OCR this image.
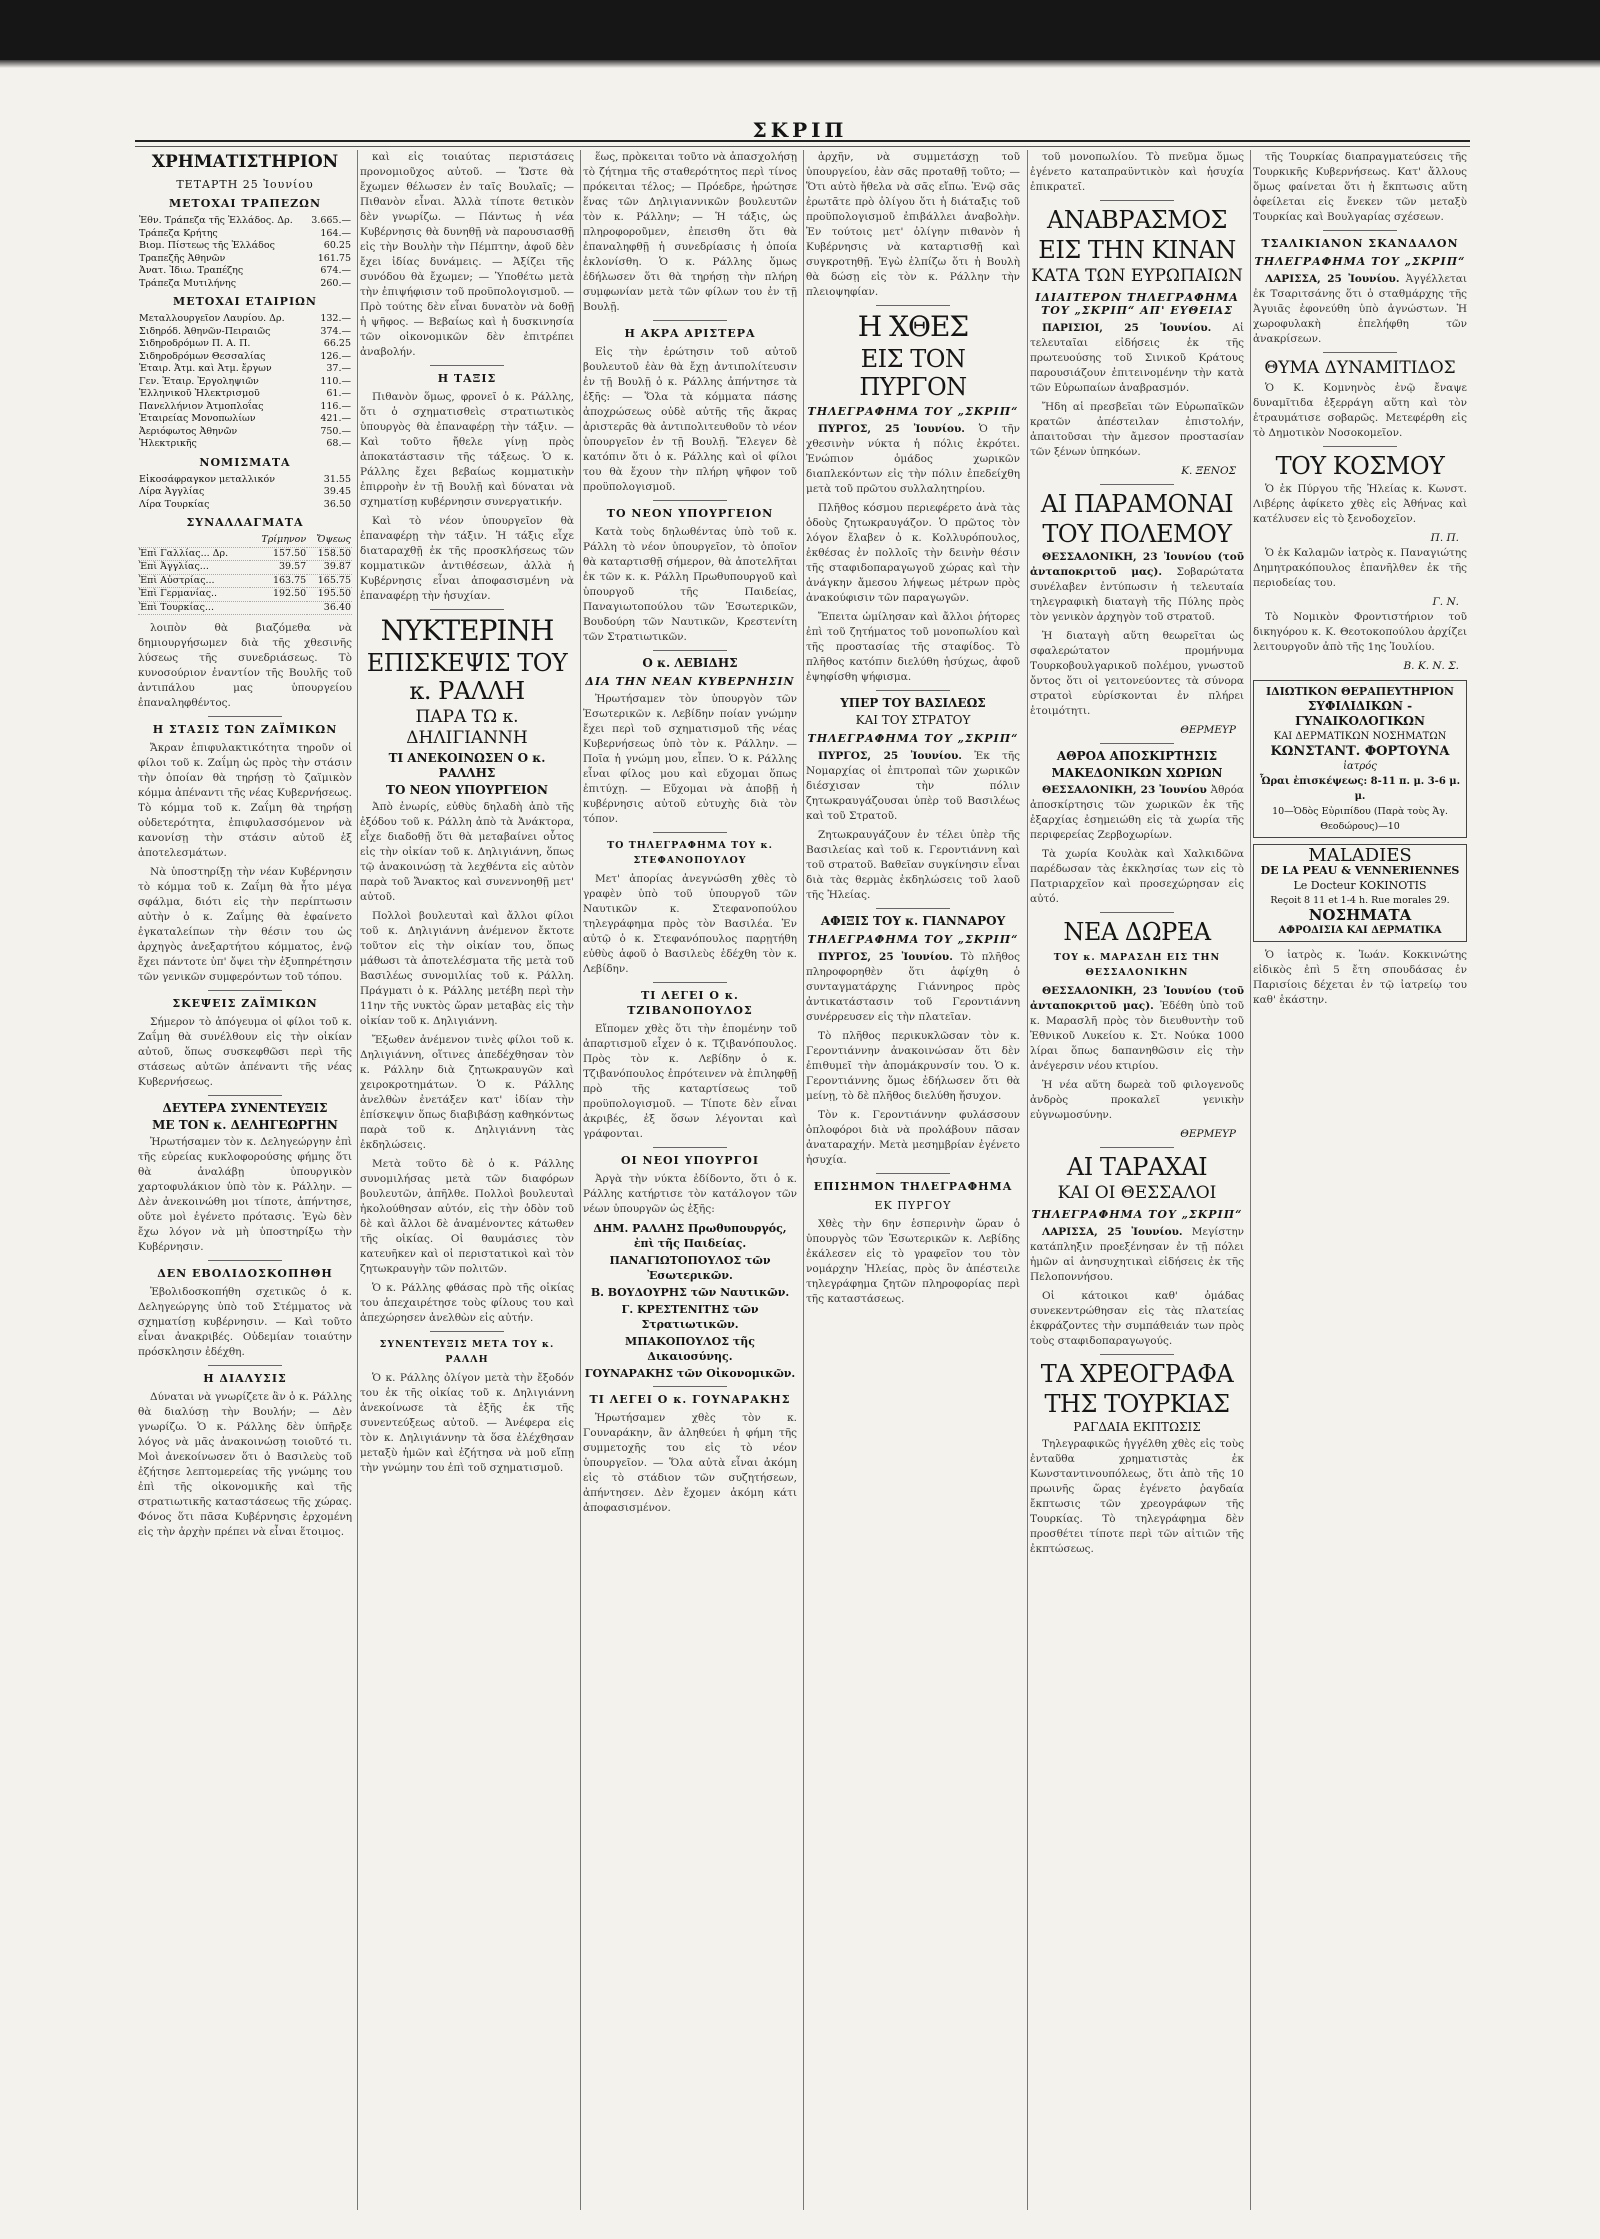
ΣΚΡΙΠ
ΧΡΗΜΑΤΙΣΤΗΡΙΟΝ
ΤΕΤΑΡΤΗ 25 Ἰουνίου
ΜΕΤΟΧΑΙ ΤΡΑΠΕΖΩΝ
Ἐθν. Τράπεζα τῆς Ἑλλάδος. Δρ.	3.665.—
Τράπεζα Κρήτης	164.—
Βιομ. Πίστεως τῆς Ἑλλάδος	60.25
Τραπεζῆς Ἀθηνῶν	161.75
Ἀνατ. Ἰδιω. Τραπέζης	674.—
Τράπεζα Μυτιλήνης	260.—
ΜΕΤΟΧΑΙ ΕΤΑΙΡΙΩΝ
Μεταλλουργεῖον Λαυρίου. Δρ.	132.—
Σιδηρόδ. Ἀθηνῶν-Πειραιῶς	374.—
Σιδηροδρόμων Π. Α. Π.	66.25
Σιδηροδρόμων Θεσσαλίας	126.—
Ἑταιρ. Ἀτμ. καὶ Ἀτμ. ἔργων	37.—
Γεν. Ἑταιρ. Ἐργοληψιῶν	110.—
Ἑλληνικοῦ Ἠλεκτρισμοῦ	61.—
Πανελλήνιον Ἀτμοπλοΐας	116.—
Ἑταιρείας Μονοπωλίων	421.—
Ἀεριόφωτος Ἀθηνῶν	750.—
Ἠλεκτρικῆς	68.—
ΝΟΜΙΣΜΑΤΑ
Εἰκοσάφραγκον μεταλλικόν	31.55
Λίρα Ἀγγλίας	39.45
Λίρα Τουρκίας	36.50
ΣΥΝΑΛΛΑΓΜΑΤΑ
	Τρίμηνον	Ὄψεως
Ἐπὶ Γαλλίας... Δρ.	157.50	158.50
Ἐπὶ Ἀγγλίας...	39.57	39.87
Ἐπὶ Αὐστρίας...	163.75	165.75
Ἐπὶ Γερμανίας..	192.50	195.50
Ἐπὶ Τουρκίας...		36.40

λοιπὸν θὰ βιαζόμεθα νὰ δημιουργήσωμεν διὰ τῆς χθεσινῆς λύσεως τῆς συνεδριάσεως. Τὸ κυνοσούριον ἐναντίον τῆς Βουλῆς τοῦ ἀντιπάλου μας ὑπουργείου ἐπαναληφθέντος.

Η ΣΤΑΣΙΣ ΤΩΝ ΖΑΪΜΙΚΩΝ

Ἄκραν ἐπιφυλακτικότητα τηροῦν οἱ φίλοι τοῦ κ. Ζαΐμη ὡς πρὸς τὴν στάσιν τὴν ὁποίαν θὰ τηρήσῃ τὸ ζαϊμικὸν κόμμα ἀπέναντι τῆς νέας Κυβερνήσεως. Τὸ κόμμα τοῦ κ. Ζαΐμη θὰ τηρήσῃ οὐδετερότητα, ἐπιφυλασσόμενον νὰ κανονίσῃ τὴν στάσιν αὐτοῦ ἐξ ἀποτελεσμάτων.

Νὰ ὑποστηρίξῃ τὴν νέαν Κυβέρνησιν τὸ κόμμα τοῦ κ. Ζαΐμη θὰ ἦτο μέγα σφάλμα, διότι εἰς τὴν περίπτωσιν αὐτὴν ὁ κ. Ζαΐμης θὰ ἐφαίνετο ἐγκαταλείπων τὴν θέσιν του ὡς ἀρχηγὸς ἀνεξαρτήτου κόμματος, ἐνῷ ἔχει πάντοτε ὑπ' ὄψει τὴν ἐξυπηρέτησιν τῶν γενικῶν συμφερόντων τοῦ τόπου.

ΣΚΕΨΕΙΣ ΖΑΪΜΙΚΩΝ

Σήμερον τὸ ἀπόγευμα οἱ φίλοι τοῦ κ. Ζαΐμη θὰ συνέλθουν εἰς τὴν οἰκίαν αὐτοῦ, ὅπως συσκεφθῶσι περὶ τῆς στάσεως αὐτῶν ἀπέναντι τῆς νέας Κυβερνήσεως.

ΔΕΥΤΕΡΑ ΣΥΝΕΝΤΕΥΞΙΣ
ΜΕ ΤΟΝ κ. ΔΕΛΗΓΕΩΡΓΗΝ

Ἠρωτήσαμεν τὸν κ. Δεληγεώργην ἐπὶ τῆς εὐρείας κυκλοφορούσης φήμης ὅτι θὰ ἀναλάβῃ ὑπουργικὸν χαρτοφυλάκιον ὑπὸ τὸν κ. Ράλλην. — Δὲν ἀνεκοινώθη μοι τίποτε, ἀπήντησε, οὔτε μοὶ ἐγένετο πρότασις. Ἐγὼ δὲν ἔχω λόγον νὰ μὴ ὑποστηρίξω τὴν Κυβέρνησιν.

ΔΕΝ ΕΒΟΛΙΔΟΣΚΟΠΗΘΗ

Ἐβολιδοσκοπήθη σχετικῶς ὁ κ. Δεληγεώργης ὑπὸ τοῦ Στέμματος νὰ σχηματίσῃ κυβέρνησιν. — Καὶ τοῦτο εἶναι ἀνακριβές. Οὐδεμίαν τοιαύτην πρόσκλησιν ἐδέχθη.

Η ΔΙΑΛΥΣΙΣ

Δύναται νὰ γνωρίζετε ἂν ὁ κ. Ράλλης θὰ διαλύσῃ τὴν Βουλήν; — Δὲν γνωρίζω. Ὁ κ. Ράλλης δὲν ὑπῆρξε λόγος νὰ μᾶς ἀνακοινώσῃ τοιοῦτό τι. Μοὶ ἀνεκοίνωσεν ὅτι ὁ Βασιλεὺς τοῦ ἐζήτησε λεπτομερείας τῆς γνώμης του ἐπὶ τῆς οἰκονομικῆς καὶ τῆς στρατιωτικῆς καταστάσεως τῆς χώρας. Φόνος ὅτι πᾶσα Κυβέρνησις ἐρχομένη εἰς τὴν ἀρχὴν πρέπει νὰ εἶναι ἕτοιμος.

καὶ εἰς τοιαύτας περιστάσεις προνομιοῦχος αὐτοῦ. — Ὥστε θὰ ἔχωμεν θέλωσεν ἐν ταῖς Βουλαῖς; — Πιθανὸν εἶναι. Ἀλλὰ τίποτε θετικὸν δὲν γνωρίζω. — Πάντως ἡ νέα Κυβέρνησις θὰ δυνηθῇ νὰ παρουσιασθῇ εἰς τὴν Βουλὴν τὴν Πέμπτην, ἀφοῦ δὲν ἔχει ἰδίας δυνάμεις. — Ἀξίζει τῆς συνόδου θὰ ἔχωμεν; — Ὑποθέτω μετὰ τὴν ἐπιψήφισιν τοῦ προϋπολογισμοῦ. — Πρὸ τούτης δὲν εἶναι δυνατὸν νὰ δοθῇ ἡ ψῆφος. — Βεβαίως καὶ ἡ δυσκινησία τῶν οἰκονομικῶν δὲν ἐπιτρέπει ἀναβολήν.

Η ΤΑΞΙΣ

Πιθανὸν ὅμως, φρονεῖ ὁ κ. Ράλλης, ὅτι ὁ σχηματισθεὶς στρατιωτικὸς ὑπουργὸς θὰ ἐπαναφέρῃ τὴν τάξιν. — Καὶ τοῦτο ἤθελε γίνῃ πρὸς ἀποκατάστασιν τῆς τάξεως. Ὁ κ. Ράλλης ἔχει βεβαίως κομματικὴν ἐπιρροὴν ἐν τῇ Βουλῇ καὶ δύναται νὰ σχηματίσῃ κυβέρνησιν συνεργατικήν.

Καὶ τὸ νέον ὑπουργεῖον θὰ ἐπαναφέρῃ τὴν τάξιν. Ἡ τάξις εἶχε διαταραχθῇ ἐκ τῆς προσκλήσεως τῶν κομματικῶν ἀντιθέσεων, ἀλλὰ ἡ Κυβέρνησις εἶναι ἀποφασισμένη νὰ ἐπαναφέρῃ τὴν ἡσυχίαν.

ΝΥΚΤΕΡΙΝΗ
ΕΠΙΣΚΕΨΙΣ ΤΟΥ κ. ΡΑΛΛΗ
ΠΑΡΑ ΤΩ κ. ΔΗΛΙΓΙΑΝΝΗ
ΤΙ ΑΝΕΚΟΙΝΩΣΕΝ Ο κ. ΡΑΛΛΗΣ
ΤΟ ΝΕΟΝ ΥΠΟΥΡΓΕΙΟΝ

Ἀπὸ ἐνωρίς, εὐθὺς δηλαδὴ ἀπὸ τῆς ἐξόδου τοῦ κ. Ράλλη ἀπὸ τὰ Ἀνάκτορα, εἶχε διαδοθῇ ὅτι θὰ μεταβαίνει οὗτος εἰς τὴν οἰκίαν τοῦ κ. Δηλιγιάννη, ὅπως τῷ ἀνακοινώσῃ τὰ λεχθέντα εἰς αὐτὸν παρὰ τοῦ Ἄνακτος καὶ συνεννοηθῇ μετ' αὐτοῦ.

Πολλοὶ βουλευταὶ καὶ ἄλλοι φίλοι τοῦ κ. Δηλιγιάννη ἀνέμενον ἔκτοτε τοῦτον εἰς τὴν οἰκίαν του, ὅπως μάθωσι τὰ ἀποτελέσματα τῆς μετὰ τοῦ Βασιλέως συνομιλίας τοῦ κ. Ράλλη. Πράγματι ὁ κ. Ράλλης μετέβη περὶ τὴν 11ην τῆς νυκτὸς ὥραν μεταβὰς εἰς τὴν οἰκίαν τοῦ κ. Δηλιγιάννη.

Ἔξωθεν ἀνέμενον τινὲς φίλοι τοῦ κ. Δηλιγιάννη, οἵτινες ἀπεδέχθησαν τὸν κ. Ράλλην διὰ ζητωκραυγῶν καὶ χειροκροτημάτων. Ὁ κ. Ράλλης ἀνελθὼν ἐνετάξεν κατ' ἰδίαν τὴν ἐπίσκεψιν ὅπως διαβιβάσῃ καθηκόντως παρὰ τοῦ κ. Δηλιγιάννη τὰς ἐκδηλώσεις.

Μετὰ τοῦτο δὲ ὁ κ. Ράλλης συνομιλήσας μετὰ τῶν διαφόρων βουλευτῶν, ἀπῆλθε. Πολλοὶ βουλευταὶ ἠκολούθησαν αὐτόν, εἰς τὴν ὁδὸν τοῦ δὲ καὶ ἄλλοι δὲ ἀναμένοντες κάτωθεν τῆς οἰκίας. Οἱ θαυμάσιες τὸν κατευῆκεν καὶ οἱ περιστατικοὶ καὶ τὸν ζητωκραυγὴν τῶν πολιτῶν.

Ὁ κ. Ράλλης φθάσας πρὸ τῆς οἰκίας του ἀπεχαιρέτησε τοὺς φίλους του καὶ ἀπεχώρησεν ἀνελθὼν εἰς αὐτήν.

ΣΥΝΕΝΤΕΥΞΙΣ ΜΕΤΑ ΤΟΥ κ. ΡΑΛΛΗ

Ὁ κ. Ράλλης ὀλίγον μετὰ τὴν ἔξοδόν του ἐκ τῆς οἰκίας τοῦ κ. Δηλιγιάννη ἀνεκοίνωσε τὰ ἑξῆς ἐκ τῆς συνεντεύξεως αὐτοῦ. — Ἀνέφερα εἰς τὸν κ. Δηλιγιάννην τὰ ὅσα ἐλέχθησαν μεταξὺ ἡμῶν καὶ ἐζήτησα νὰ μοῦ εἴπῃ τὴν γνώμην του ἐπὶ τοῦ σχηματισμοῦ.

ἕως, πρὸκειται τοῦτο νὰ ἀπασχολήσῃ τὸ ζήτημα τῆς σταθερότητος περὶ τίνος πρόκειται τέλος; — Πρόεδρε, ἠρώτησε ἕνας τῶν Δηλιγιαννικῶν βουλευτῶν τὸν κ. Ράλλην; — Ἡ τάξις, ὡς πληροφοροῦμεν, ἐπεισθη ὅτι θὰ ἐπαναληφθῇ ἡ συνεδρίασις ἡ ὁποία ἐκλονίσθη. Ὁ κ. Ράλλης ὅμως ἐδήλωσεν ὅτι θὰ τηρήσῃ τὴν πλήρη συμφωνίαν μετὰ τῶν φίλων του ἐν τῇ Βουλῇ.

Η ΑΚΡΑ ΑΡΙΣΤΕΡΑ

Εἰς τὴν ἐρώτησιν τοῦ αὐτοῦ βουλευτοῦ ἐὰν θὰ ἔχῃ ἀντιπολίτευσιν ἐν τῇ Βουλῇ ὁ κ. Ράλλης ἀπήντησε τὰ ἑξῆς: — Ὅλα τὰ κόμματα πάσης ἀποχρώσεως οὐδὲ αὐτῆς τῆς ἄκρας ἀριστερᾶς θὰ ἀντιπολιτευθοῦν τὸ νέον ὑπουργεῖον ἐν τῇ Βουλῇ. Ἔλεγεν δὲ κατόπιν ὅτι ὁ κ. Ράλλης καὶ οἱ φίλοι του θὰ ἔχουν τὴν πλήρη ψῆφον τοῦ προϋπολογισμοῦ.

ΤΟ ΝΕΟΝ ΥΠΟΥΡΓΕΙΟΝ

Κατὰ τοὺς δηλωθέντας ὑπὸ τοῦ κ. Ράλλη τὸ νέον ὑπουργεῖον, τὸ ὁποῖον θὰ καταρτισθῇ σήμερον, θὰ ἀποτελῆται ἐκ τῶν κ. κ. Ράλλη Πρωθυπουργοῦ καὶ ὑπουργοῦ τῆς Παιδείας, Παναγιωτοπούλου τῶν Ἐσωτερικῶν, Βουδούρη τῶν Ναυτικῶν, Κρεστενίτη τῶν Στρατιωτικῶν.

Ο κ. ΛΕΒΙΔΗΣ
ΔΙΑ ΤΗΝ ΝΕΑΝ ΚΥΒΕΡΝΗΣΙΝ

Ἠρωτήσαμεν τὸν ὑπουργὸν τῶν Ἐσωτερικῶν κ. Λεβίδην ποίαν γνώμην ἔχει περὶ τοῦ σχηματισμοῦ τῆς νέας Κυβερνήσεως ὑπὸ τὸν κ. Ράλλην. — Ποῖα ἡ γνώμη μου, εἶπεν. Ὁ κ. Ράλλης εἶναι φίλος μου καὶ εὔχομαι ὅπως ἐπιτύχῃ. — Εὔχομαι νὰ ἀποβῇ ἡ κυβέρνησις αὐτοῦ εὐτυχὴς διὰ τὸν τόπον.

ΤΟ ΤΗΛΕΓΡΑΦΗΜΑ ΤΟΥ κ. ΣΤΕΦΑΝΟΠΟΥΛΟΥ

Μετ' ἀπορίας ἀνεγνώσθη χθὲς τὸ γραφὲν ὑπὸ τοῦ ὑπουργοῦ τῶν Ναυτικῶν κ. Στεφανοπούλου τηλεγράφημα πρὸς τὸν Βασιλέα. Ἐν αὐτῷ ὁ κ. Στεφανόπουλος παρῃτήθη εὐθὺς ἀφοῦ ὁ Βασιλεὺς ἐδέχθη τὸν κ. Λεβίδην.

ΤΙ ΛΕΓΕΙ Ο κ. ΤΖΙΒΑΝΟΠΟΥΛΟΣ

Εἴπομεν χθὲς ὅτι τὴν ἐπομένην τοῦ ἀπαρτισμοῦ εἶχεν ὁ κ. Τζιβανόπουλος. Πρὸς τὸν κ. Λεβίδην ὁ κ. Τζιβανόπουλος ἐπρότεινεν νὰ ἐπιληφθῇ πρὸ τῆς καταρτίσεως τοῦ προϋπολογισμοῦ. — Τίποτε δὲν εἶναι ἀκριβές, ἐξ ὅσων λέγονται καὶ γράφονται.

ΟΙ ΝΕΟΙ ΥΠΟΥΡΓΟΙ

Ἀργὰ τὴν νύκτα ἐδίδοντο, ὅτι ὁ κ. Ράλλης κατήρτισε τὸν κατάλογον τῶν νέων ὑπουργῶν ὡς ἑξῆς:

ΔΗΜ. ΡΑΛΛΗΣ Πρωθυπουργός, ἐπὶ τῆς Παιδείας.
ΠΑΝΑΓΙΩΤΟΠΟΥΛΟΣ τῶν Ἐσωτερικῶν.
Β. ΒΟΥΔΟΥΡΗΣ τῶν Ναυτικῶν.
Γ. ΚΡΕΣΤΕΝΙΤΗΣ τῶν Στρατιωτικῶν.
ΜΠΑΚΟΠΟΥΛΟΣ τῆς Δικαιοσύνης.
ΓΟΥΝΑΡΑΚΗΣ τῶν Οἰκονομικῶν.
ΤΙ ΛΕΓΕΙ Ο κ. ΓΟΥΝΑΡΑΚΗΣ

Ἠρωτήσαμεν χθὲς τὸν κ. Γουναράκην, ἂν ἀληθεύει ἡ φήμη τῆς συμμετοχῆς του εἰς τὸ νέον ὑπουργεῖον. — Ὅλα αὐτὰ εἶναι ἀκόμη εἰς τὸ στάδιον τῶν συζητήσεων, ἀπήντησεν. Δὲν ἔχομεν ἀκόμη κάτι ἀποφασισμένον.

ἀρχῆν, νὰ συμμετάσχῃ τοῦ ὑπουργείου, ἐὰν σᾶς προταθῇ τοῦτο; — Ὅτι αὐτὸ ἤθελα νὰ σᾶς εἴπω. Ἐνῷ σᾶς ἐρωτᾶτε πρὸ ὀλίγου ὅτι ἡ διάταξις τοῦ προϋπολογισμοῦ ἐπιβάλλει ἀναβολὴν. Ἐν τούτοις μετ' ὀλίγην πιθανὸν ἡ Κυβέρνησις νὰ καταρτισθῇ καὶ συγκροτηθῇ. Ἐγὼ ἐλπίζω ὅτι ἡ Βουλὴ θὰ δώσῃ εἰς τὸν κ. Ράλλην τὴν πλειοψηφίαν.

Η ΧΘΕΣ
ΕΙΣ ΤΟΝ ΠΥΡΓΟΝ
ΤΗΛΕΓΡΑΦΗΜΑ ΤΟΥ „ΣΚΡΙΠ“

ΠΥΡΓΟΣ, 25 Ἰουνίου. Ὁ τῆν χθεσινὴν νύκτα ἡ πόλις ἐκρότει. Ἐνώπιον ὁμάδος χωρικῶν διαπλεκόντων εἰς τὴν πόλιν ἐπεδείχθη μετὰ τοῦ πρῶτου συλλαλητηρίου.

Πλῆθος κόσμου περιεφέρετο ἀνὰ τὰς ὁδοὺς ζητωκραυγάζον. Ὁ πρῶτος τὸν λόγον ἔλαβεν ὁ κ. Κολλυρόπουλος, ἐκθέσας ἐν πολλοῖς τὴν δεινὴν θέσιν τῆς σταφιδοπαραγωγοῦ χώρας καὶ τὴν ἀνάγκην ἄμεσου λήψεως μέτρων πρὸς ἀνακούφισιν τῶν παραγωγῶν.

Ἔπειτα ὡμίλησαν καὶ ἄλλοι ῥήτορες ἐπὶ τοῦ ζητήματος τοῦ μονοπωλίου καὶ τῆς προστασίας τῆς σταφίδος. Τὸ πλῆθος κατόπιν διελύθη ἡσύχως, ἀφοῦ ἐψηφίσθη ψήφισμα.

ΥΠΕΡ ΤΟΥ ΒΑΣΙΛΕΩΣ
ΚΑΙ ΤΟΥ ΣΤΡΑΤΟΥ
ΤΗΛΕΓΡΑΦΗΜΑ ΤΟΥ „ΣΚΡΙΠ“

ΠΥΡΓΟΣ, 25 Ἰουνίου. Ἐκ τῆς Νομαρχίας οἱ ἐπιτροπαὶ τῶν χωρικῶν διέσχισαν τὴν πόλιν ζητωκραυγάζουσαι ὑπὲρ τοῦ Βασιλέως καὶ τοῦ Στρατοῦ.

Ζητωκραυγάζουν ἐν τέλει ὑπὲρ τῆς Βασιλείας καὶ τοῦ κ. Γεροντιάννη καὶ τοῦ στρατοῦ. Βαθεῖαν συγκίνησιν εἶναι διὰ τὰς θερμὰς ἐκδηλώσεις τοῦ λαοῦ τῆς Ἠλείας.

ΑΦΙΞΙΣ ΤΟΥ κ. ΓΙΑΝΝΑΡΟΥ
ΤΗΛΕΓΡΑΦΗΜΑ ΤΟΥ „ΣΚΡΙΠ“

ΠΥΡΓΟΣ, 25 Ἰουνίου. Τὸ πλῆθος πληροφορηθὲν ὅτι ἀφίχθη ὁ συνταγματάρχης Γιάννηρος πρὸς ἀντικατάστασιν τοῦ Γεροντιάννη συνέρρευσεν εἰς τὴν πλατεῖαν.

Τὸ πλῆθος περικυκλῶσαν τὸν κ. Γεροντιάννην ἀνακοινώσαν ὅτι δὲν ἐπιθυμεῖ τὴν ἀπομάκρυνσίν του. Ὁ κ. Γεροντιάννης ὅμως ἐδήλωσεν ὅτι θὰ μείνῃ, τὸ δὲ πλῆθος διελύθη ἥσυχον.

Τὸν κ. Γεροντιάννην φυλάσσουν ὁπλοφόροι διὰ νὰ προλάβουν πᾶσαν ἀναταραχήν. Μετὰ μεσημβρίαν ἐγένετο ἡσυχία.

ΕΠΙΣΗΜΟΝ ΤΗΛΕΓΡΑΦΗΜΑ
ΕΚ ΠΥΡΓΟΥ

Χθὲς τὴν 6ην ἑσπερινὴν ὥραν ὁ ὑπουργὸς τῶν Ἐσωτερικῶν κ. Λεβίδης ἐκάλεσεν εἰς τὸ γραφεῖον του τὸν νομάρχην Ἠλείας, πρὸς ὃν ἀπέστειλε τηλεγράφημα ζητῶν πληροφορίας περὶ τῆς καταστάσεως.

τοῦ μονοπωλίου. Τὸ πνεῦμα ὅμως ἐγένετο καταπραϋντικὸν καὶ ἡσυχία ἐπικρατεῖ.

ΑΝΑΒΡΑΣΜΟΣ
ΕΙΣ ΤΗΝ ΚΙΝΑΝ
ΚΑΤΑ ΤΩΝ ΕΥΡΩΠΑΙΩΝ
ΙΔΙΑΙΤΕΡΟΝ ΤΗΛΕΓΡΑΦΗΜΑ ΤΟΥ „ΣΚΡΙΠ“ ΑΠ' ΕΥΘΕΙΑΣ

ΠΑΡΙΣΙΟΙ, 25 Ἰουνίου. Αἱ τελευταῖαι εἰδήσεις ἐκ τῆς πρωτευούσης τοῦ Σινικοῦ Κράτους παρουσιάζουν ἐπιτεινομένην τὴν κατὰ τῶν Εὐρωπαίων ἀναβρασμόν.

Ἤδη αἱ πρεσβεῖαι τῶν Εὐρωπαϊκῶν κρατῶν ἀπέστειλαν ἐπιστολήν, ἀπαιτοῦσαι τὴν ἄμεσον προστασίαν τῶν ξένων ὑπηκόων.

Κ. ΞΕΝΟΣ
ΑΙ ΠΑΡΑΜΟΝΑΙ
ΤΟΥ ΠΟΛΕΜΟΥ

ΘΕΣΣΑΛΟΝΙΚΗ, 23 Ἰουνίου (τοῦ ἀνταποκριτοῦ μας). Σοβαρώτατα συνέλαβεν ἐντύπωσιν ἡ τελευταία τηλεγραφικὴ διαταγὴ τῆς Πύλης πρὸς τὸν γενικὸν ἀρχηγὸν τοῦ στρατοῦ.

Ἡ διαταγὴ αὕτη θεωρεῖται ὡς σφαλερώτατον προμήνυμα Τουρκοβουλγαρικοῦ πολέμου, γνωστοῦ ὄντος ὅτι οἱ γειτονεύοντες τὰ σύνορα στρατοὶ εὑρίσκονται ἐν πλήρει ἑτοιμότητι.

ΘΕΡΜΕΥΡ
ΑΘΡΟΑ ΑΠΟΣΚΙΡΤΗΣΙΣ
ΜΑΚΕΔΟΝΙΚΩΝ ΧΩΡΙΩΝ

ΘΕΣΣΑΛΟΝΙΚΗ, 23 Ἰουνίου Ἀθρόα ἀποσκίρτησις τῶν χωρικῶν ἐκ τῆς ἐξαρχίας ἐσημειώθη εἰς τὰ χωρία τῆς περιφερείας Ζερβοχωρίων.

Τὰ χωρία Κουλὰκ καὶ Χαλκιδῶνα παρέδωσαν τὰς ἐκκλησίας των εἰς τὸ Πατριαρχεῖον καὶ προσεχώρησαν εἰς αὐτό.

ΝΕΑ ΔΩΡΕΑ
ΤΟΥ κ. ΜΑΡΑΣΛΗ ΕΙΣ ΤΗΝ ΘΕΣΣΑΛΟΝΙΚΗΝ

ΘΕΣΣΑΛΟΝΙΚΗ, 23 Ἰουνίου (τοῦ ἀνταποκριτοῦ μας). Ἐδέθη ὑπὸ τοῦ κ. Μαρασλῆ πρὸς τὸν διευθυντὴν τοῦ Ἐθνικοῦ Λυκείου κ. Στ. Νούκα 1000 λίραι ὅπως δαπανηθῶσιν εἰς τὴν ἀνέγερσιν νέου κτιρίου.

Ἡ νέα αὕτη δωρεὰ τοῦ φιλογενοῦς ἀνδρὸς προκαλεῖ γενικὴν εὐγνωμοσύνην.

ΘΕΡΜΕΥΡ
ΑΙ ΤΑΡΑΧΑΙ
ΚΑΙ ΟΙ ΘΕΣΣΑΛΟΙ
ΤΗΛΕΓΡΑΦΗΜΑ ΤΟΥ „ΣΚΡΙΠ“

ΛΑΡΙΣΣΑ, 25 Ἰουνίου. Μεγίστην κατάπληξιν προεξένησαν ἐν τῇ πόλει ἡμῶν αἱ ἀνησυχητικαὶ εἰδήσεις ἐκ τῆς Πελοποννήσου.

Οἱ κάτοικοι καθ' ὁμάδας συνεκεντρώθησαν εἰς τὰς πλατείας ἐκφράζοντες τὴν συμπάθειάν των πρὸς τοὺς σταφιδοπαραγωγούς.

ΤΑ ΧΡΕΟΓΡΑΦΑ
ΤΗΣ ΤΟΥΡΚΙΑΣ
ΡΑΓΔΑΙΑ ΕΚΠΤΩΣΙΣ

Τηλεγραφικῶς ἠγγέλθη χθὲς εἰς τοὺς ἐνταῦθα χρηματιστὰς ἐκ Κωνσταντινουπόλεως, ὅτι ἀπὸ τῆς 10 πρωινῆς ὥρας ἐγένετο ῥαγδαία ἔκπτωσις τῶν χρεογράφων τῆς Τουρκίας. Τὸ τηλεγράφημα δὲν προσθέτει τίποτε περὶ τῶν αἰτιῶν τῆς ἐκπτώσεως.

τῆς Τουρκίας διαπραγματεύσεις τῆς Τουρκικῆς Κυβερνήσεως. Κατ' ἄλλους ὅμως φαίνεται ὅτι ἡ ἔκπτωσις αὕτη ὀφείλεται εἰς ἔνεκεν τῶν μεταξὺ Τουρκίας καὶ Βουλγαρίας σχέσεων.

ΤΣΑΛΙΚΙΑΝΟΝ ΣΚΑΝΔΑΛΟΝ
ΤΗΛΕΓΡΑΦΗΜΑ ΤΟΥ „ΣΚΡΙΠ“

ΛΑΡΙΣΣΑ, 25 Ἰουνίου. Ἀγγέλλεται ἐκ Τσαριτσάνης ὅτι ὁ σταθμάρχης τῆς Ἀγυιᾶς ἐφονεύθη ὑπὸ ἀγνώστων. Ἡ χωροφυλακὴ ἐπελήφθη τῶν ἀνακρίσεων.

ΘΥΜΑ ΔΥΝΑΜΙΤΙΔΟΣ

Ὁ Κ. Κομνηνὸς ἐνῷ ἔναψε δυναμῖτιδα ἐξερράγη αὕτη καὶ τὸν ἐτραυμάτισε σοβαρῶς. Μετεφέρθη εἰς τὸ Δημοτικὸν Νοσοκομεῖον.

ΤΟΥ ΚΟΣΜΟΥ

Ὁ ἐκ Πύργου τῆς Ἠλείας κ. Κωνστ. Λιβέρης ἀφίκετο χθὲς εἰς Ἀθήνας καὶ κατέλυσεν εἰς τὸ ξενοδοχεῖον.

Π. Π.

Ὁ ἐκ Καλαμῶν ἰατρὸς κ. Παναγιώτης Δημητρακόπουλος ἐπανῆλθεν ἐκ τῆς περιοδείας του.

Γ. Ν.

Τὸ Νομικὸν Φροντιστήριον τοῦ δικηγόρου κ. Κ. Θεοτοκοπούλου ἀρχίζει λειτουργοῦν ἀπὸ τῆς 1ης Ἰουλίου.

Β. Κ. Ν. Σ.
ΙΔΙΩΤΙΚΟΝ ΘΕΡΑΠΕΥΤΗΡΙΟΝ
ΣΥΦΙΛΙΔΙΚΩΝ - ΓΥΝΑΙΚΟΛΟΓΙΚΩΝ
ΚΑΙ ΔΕΡΜΑΤΙΚΩΝ ΝΟΣΗΜΑΤΩΝ
ΚΩΝΣΤΑΝΤ. ΦΟΡΤΟΥΝΑ
ἰατρός
Ὧραι ἐπισκέψεως: 8-11 π. μ. 3-6 μ. μ.
10—Ὁδὸς Εὐριπίδου (Παρὰ τοὺς Ἁγ. Θεοδώρους)—10
MALADIES
DE LA PEAU & VENNERIENNES
Le Docteur KOKINOTIS
Reçoit 8 11 et 1-4 h. Rue morales 29.
ΝΟΣΗΜΑΤΑ
ΑΦΡΟΔΙΣΙΑ ΚΑΙ ΔΕΡΜΑΤΙΚΑ

Ὁ ἰατρὸς κ. Ἰωάν. Κοκκινώτης εἰδικὸς ἐπὶ 5 ἔτη σπουδάσας ἐν Παρισίοις δέχεται ἐν τῷ ἰατρείῳ του καθ' ἑκάστην.
